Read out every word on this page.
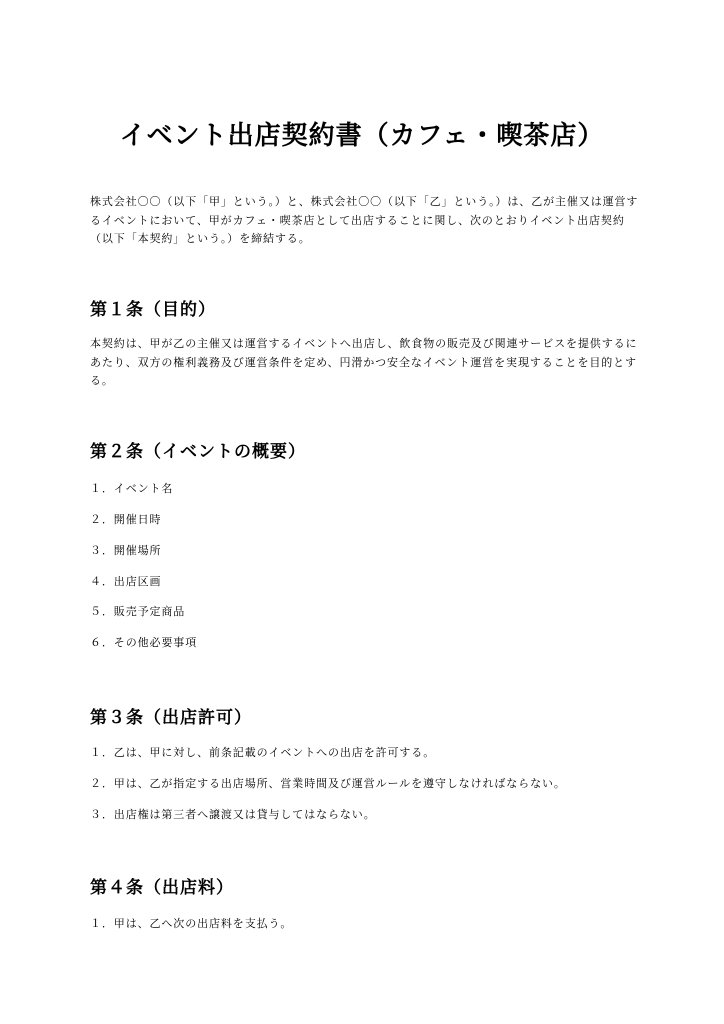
イベント出店契約書（カフェ・喫茶店）

株式会社〇〇（以下「甲」という。）と、株式会社〇〇（以下「乙」という。）は、乙が主催又は運営するイベントにおいて、甲がカフェ・喫茶店として出店することに関し、次のとおりイベント出店契約（以下「本契約」という。）を締結する。

第１条（目的）

本契約は、甲が乙の主催又は運営するイベントへ出店し、飲食物の販売及び関連サービスを提供するにあたり、双方の権利義務及び運営条件を定め、円滑かつ安全なイベント運営を実現することを目的とする。

第２条（イベントの概要）

１．イベント名

２．開催日時

３．開催場所

４．出店区画

５．販売予定商品

６．その他必要事項

第３条（出店許可）

１．乙は、甲に対し、前条記載のイベントへの出店を許可する。

２．甲は、乙が指定する出店場所、営業時間及び運営ルールを遵守しなければならない。

３．出店権は第三者へ譲渡又は貸与してはならない。

第４条（出店料）

１．甲は、乙へ次の出店料を支払う。
